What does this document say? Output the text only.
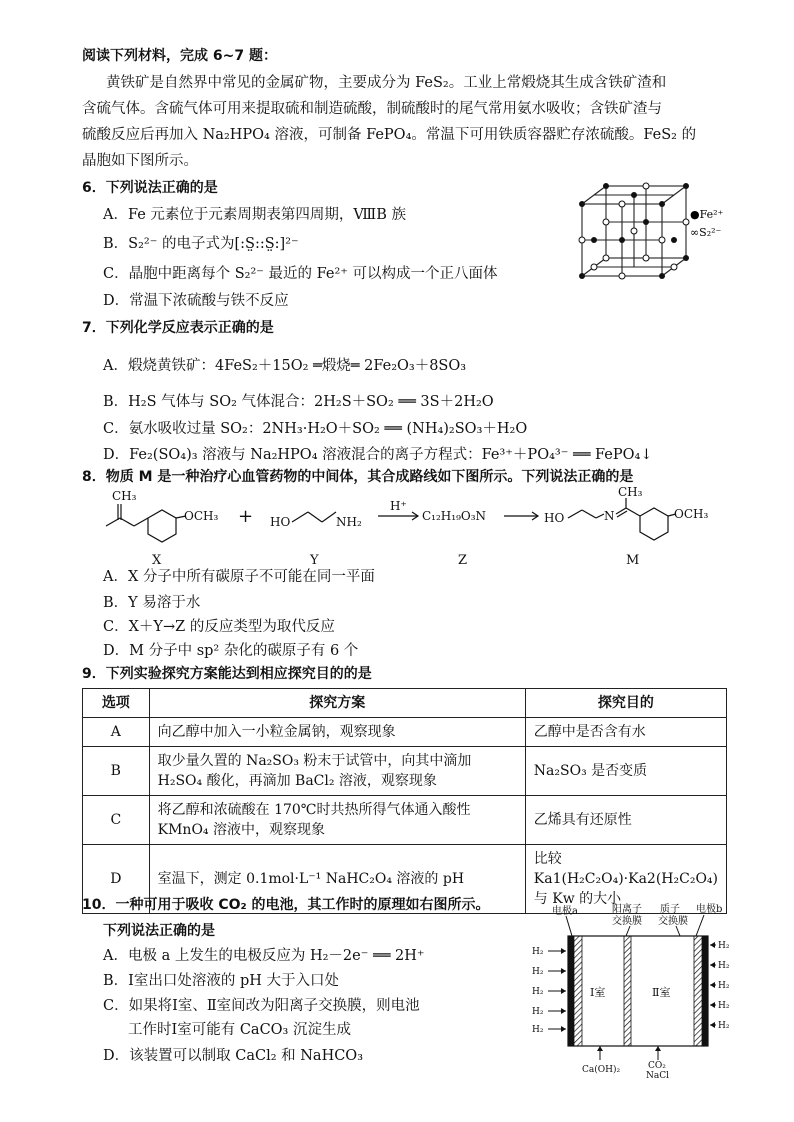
阅读下列材料，完成 6~7 题：
黄铁矿是自然界中常见的金属矿物，主要成分为 FeS₂。工业上常煅烧其生成含铁矿渣和
含硫气体。含硫气体可用来提取硫和制造硫酸，制硫酸时的尾气常用氨水吸收；含铁矿渣与
硫酸反应后再加入 Na₂HPO₄ 溶液，可制备 FePO₄。常温下可用铁质容器贮存浓硫酸。FeS₂ 的
晶胞如下图所示。
6．下列说法正确的是
A．Fe 元素位于元素周期表第四周期，ⅧB 族
B．S₂²⁻ 的电子式为[:S̤::S̤:]²⁻
C．晶胞中距离每个 S₂²⁻ 最近的 Fe²⁺ 可以构成一个正八面体
D．常温下浓硫酸与铁不反应
●Fe²⁺
∞S₂²⁻
7．下列化学反应表示正确的是
A．煅烧黄铁矿：4FeS₂＋15O₂ ═煅烧═ 2Fe₂O₃＋8SO₃
B．H₂S 气体与 SO₂ 气体混合：2H₂S＋SO₂ ══ 3S＋2H₂O
C．氨水吸收过量 SO₂：2NH₃·H₂O＋SO₂ ══ (NH₄)₂SO₃＋H₂O
D．Fe₂(SO₄)₃ 溶液与 Na₂HPO₄ 溶液混合的离子方程式：Fe³⁺＋PO₄³⁻ ══ FePO₄↓
8．物质 M 是一种治疗心血管药物的中间体，其合成路线如下图所示。下列说法正确的是
CH₃
OCH₃
X
+ HO	NH₂
Y
H⁺
C₁₂H₁₉O₃N
Z
HO	N
CH₃
OCH₃
M
A．X 分子中所有碳原子不可能在同一平面
B．Y 易溶于水
C．X＋Y→Z 的反应类型为取代反应
D．M 分子中 sp² 杂化的碳原子有 6 个
9．下列实验探究方案能达到相应探究目的的是
选项	探究方案	探究目的
A	向乙醇中加入一小粒金属钠，观察现象	乙醇中是否含有水
B	取少量久置的 Na₂SO₃ 粉末于试管中，向其中滴加 H₂SO₄ 酸化，再滴加 BaCl₂ 溶液，观察现象	Na₂SO₃ 是否变质
C	将乙醇和浓硫酸在 170℃时共热所得气体通入酸性 KMnO₄ 溶液中，观察现象	乙烯具有还原性
D	室温下，测定 0.1mol·L⁻¹ NaHC₂O₄ 溶液的 pH	比较 Ka1(H₂C₂O₄)·Ka2(H₂C₂O₄) 与 Kw 的大小
10．一种可用于吸收 CO₂ 的电池，其工作时的原理如右图所示。
下列说法正确的是
A．电极 a 上发生的电极反应为 H₂－2e⁻ ══ 2H⁺
B．Ⅰ室出口处溶液的 pH 大于入口处
C．如果将Ⅰ室、Ⅱ室间改为阳离子交换膜，则电池
工作时Ⅰ室可能有 CaCO₃ 沉淀生成
D．该装置可以制取 CaCl₂ 和 NaHCO₃
电极a	阳离子
交换膜
质子
交换膜
电极b
Ⅰ室	Ⅱ室
H₂
H₂
H₂
H₂
H₂
H₂
H₂
H₂
H₂
H₂
Ca(OH)₂	CO₂
NaCl
